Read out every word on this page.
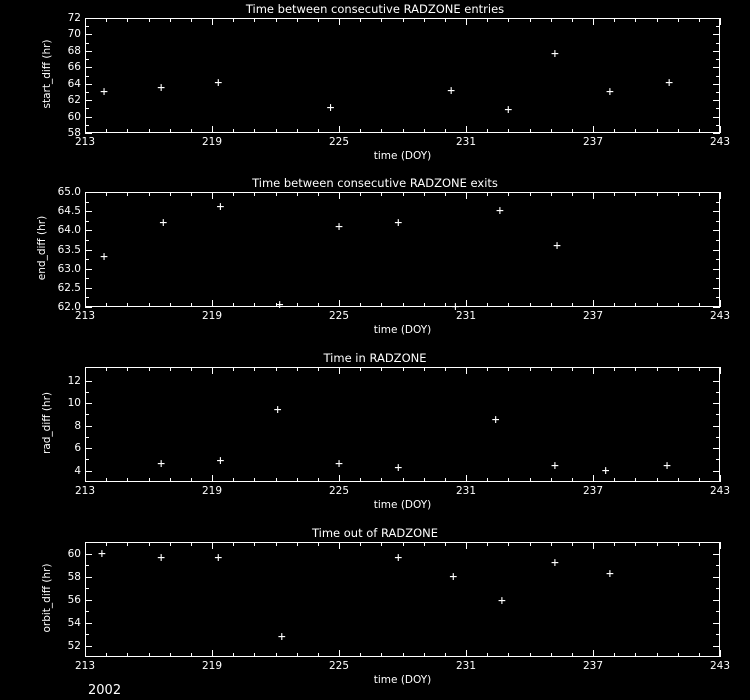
Time between consecutive RADZONE entries
start_diff (hr)
time (DOY)
213	219	225	231	237	243
58
60
62
64
66
68
70
72
+	+	+
+
+
+
+
+
+
Time between consecutive RADZONE exits
end_diff (hr)
time (DOY)
213	219	225	231	237	243
62.0
62.5
63.0
63.5
64.0
64.5
65.0
+
+
+
+
+	+
+
+
+
Time in RADZONE
rad_diff (hr)
time (DOY)
213	219	225	231	237	243
4
6
8
10
12
+	+
+
+	+
+
+	+	+
Time out of RADZONE
orbit_diff (hr)
time (DOY)
213	219	225	231	237	243
52
54
56
58
60 +	+	+
+
+
+
+
+
+
2002
